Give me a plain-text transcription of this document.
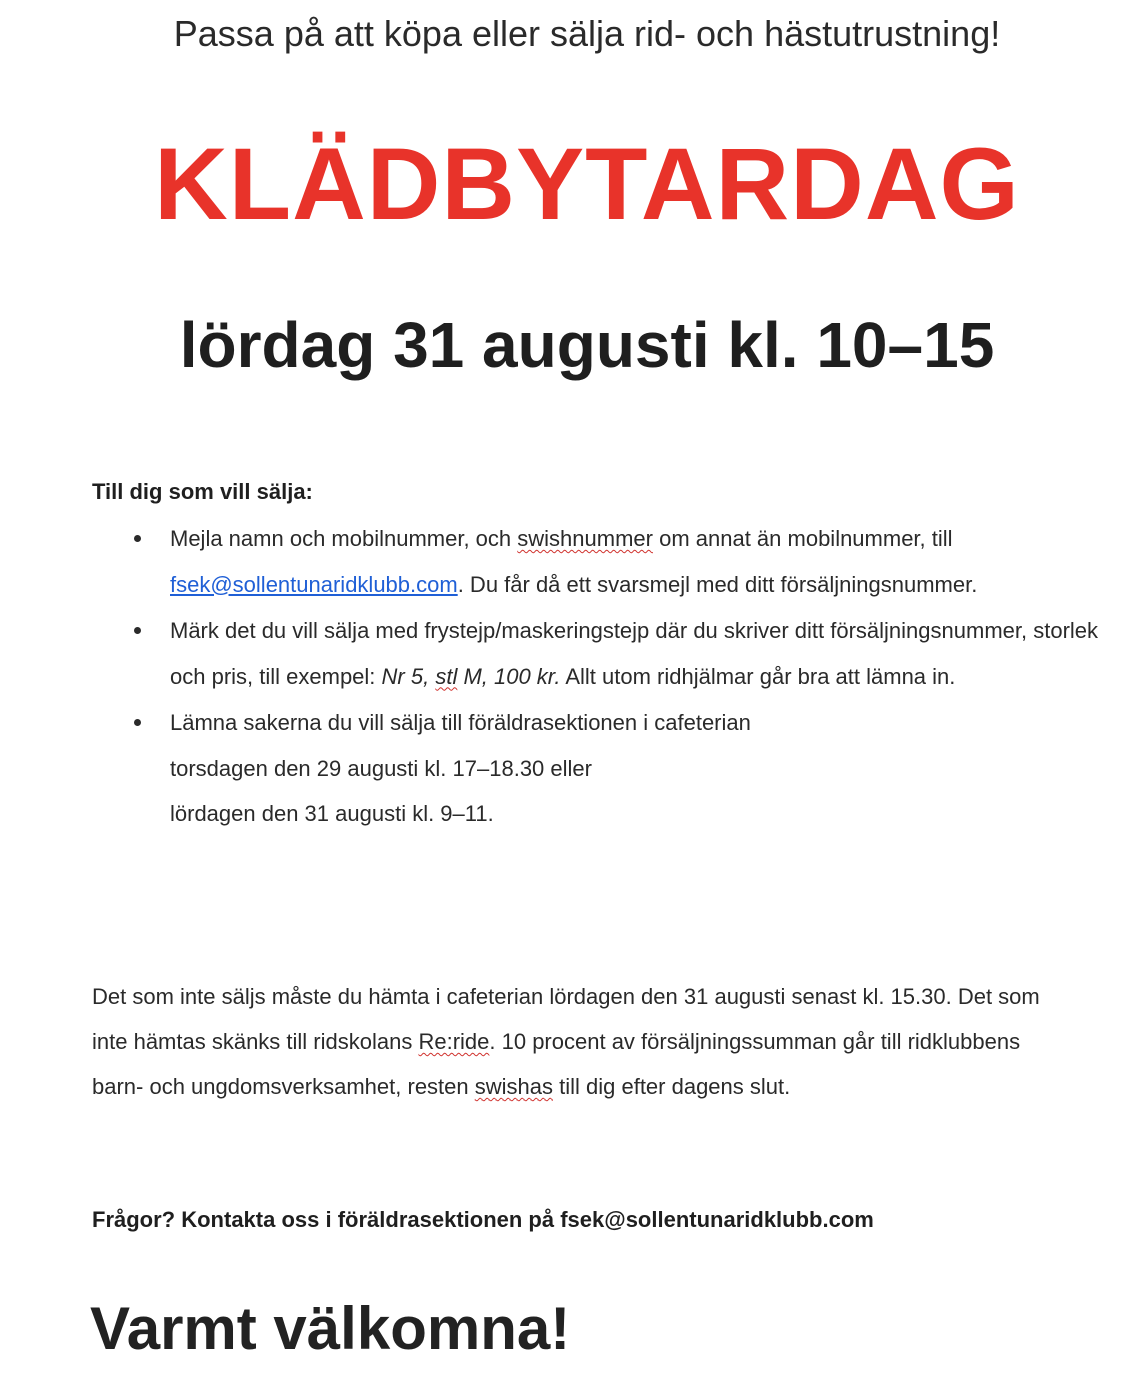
Passa på att köpa eller sälja rid- och hästutrustning!
KLÄDBYTARDAG
lördag 31 augusti kl. 10–15
Till dig som vill sälja:
Mejla namn och mobilnummer, och swishnummer om annat än mobilnummer, till fsek@sollentunaridklubb.com. Du får då ett svarsmejl med ditt försäljningsnummer.
Märk det du vill sälja med frystejp/maskeringstejp där du skriver ditt försäljningsnummer, storlek och pris, till exempel: Nr 5, stl M, 100 kr. Allt utom ridhjälmar går bra att lämna in.
Lämna sakerna du vill sälja till föräldrasektionen i cafeterian
torsdagen den 29 augusti kl. 17–18.30 eller
lördagen den 31 augusti kl. 9–11.

Det som inte säljs måste du hämta i cafeterian lördagen den 31 augusti senast kl. 15.30. Det som inte hämtas skänks till ridskolans Re:ride. 10 procent av försäljningssumman går till ridklubbens barn- och ungdomsverksamhet, resten swishas till dig efter dagens slut.

Frågor? Kontakta oss i föräldrasektionen på fsek@sollentunaridklubb.com
Varmt välkomna!
